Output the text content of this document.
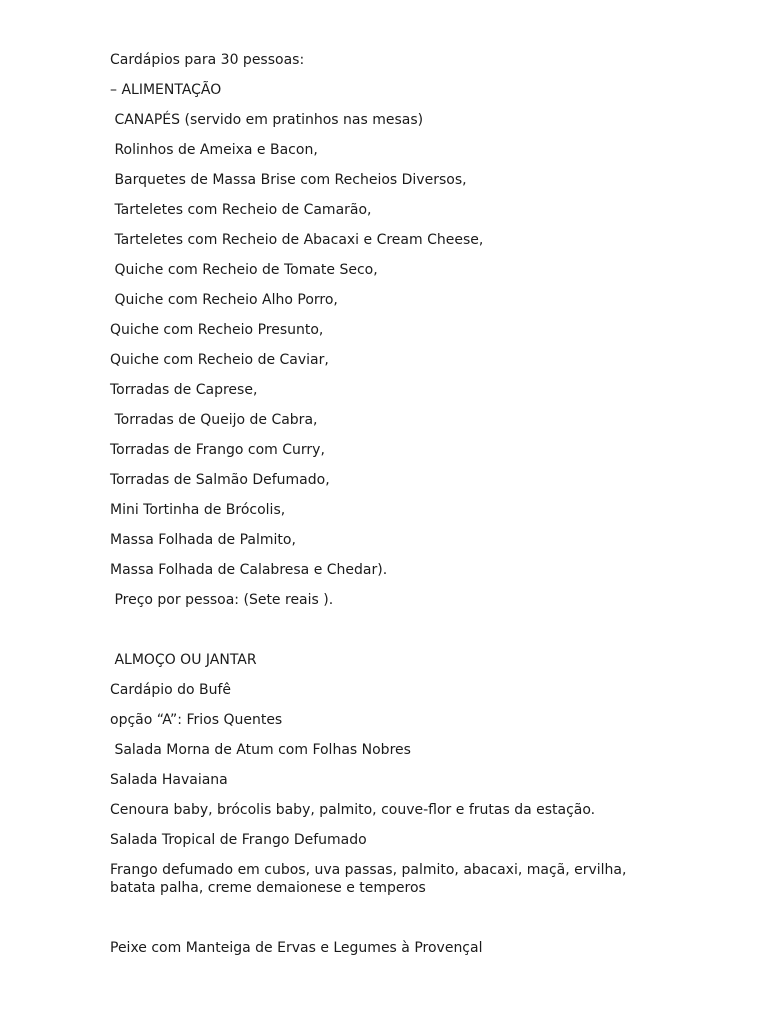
Cardápios para 30 pessoas:
– ALIMENTAÇÃO
CANAPÉS (servido em pratinhos nas mesas)
Rolinhos de Ameixa e Bacon,
Barquetes de Massa Brise com Recheios Diversos,
Tarteletes com Recheio de Camarão,
Tarteletes com Recheio de Abacaxi e Cream Cheese,
Quiche com Recheio de Tomate Seco,
Quiche com Recheio Alho Porro,
Quiche com Recheio Presunto,
Quiche com Recheio de Caviar,
Torradas de Caprese,
Torradas de Queijo de Cabra,
Torradas de Frango com Curry,
Torradas de Salmão Defumado,
Mini Tortinha de Brócolis,
Massa Folhada de Palmito,
Massa Folhada de Calabresa e Chedar).
Preço por pessoa: (Sete reais ).
ALMOÇO OU JANTAR
Cardápio do Bufê
opção “A”: Frios Quentes
Salada Morna de Atum com Folhas Nobres
Salada Havaiana
Cenoura baby, brócolis baby, palmito, couve-flor e frutas da estação.
Salada Tropical de Frango Defumado
Frango defumado em cubos, uva passas, palmito, abacaxi, maçã, ervilha,
batata palha, creme demaionese e temperos
Peixe com Manteiga de Ervas e Legumes à Provençal
